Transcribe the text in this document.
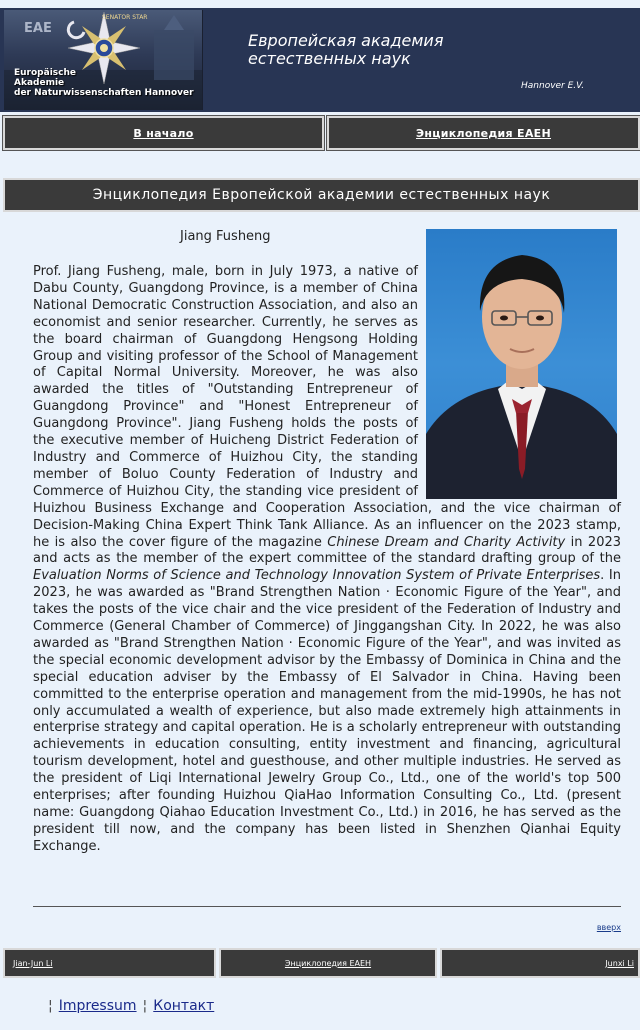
EAE
SENATOR STAR
Europäische
Akademie
der Naturwissenschaften Hannover
Европейская академия
естественных наук
Hannover E.V.
В начало	Энциклопедия EAEH
Энциклопедия Европейской академии естественных наук
Jiang Fusheng

Prof. Jiang Fusheng, male, born in July 1973, a native of Dabu County, Guangdong Province, is a member of China National Democratic Construction Association, and also an economist and senior researcher. Currently, he serves as the board chairman of Guangdong Hengsong Holding Group and visiting professor of the School of Management of Capital Normal University. Moreover, he was also awarded the titles of "Outstanding Entrepreneur of Guangdong Province" and "Honest Entrepreneur of Guangdong Province". Jiang Fusheng holds the posts of the executive member of Huicheng District Federation of Industry and Commerce of Huizhou City, the standing member of Boluo County Federation of Industry and Commerce of Huizhou City, the standing vice president of Huizhou Business Exchange and Cooperation Association, and the vice chairman of Decision-Making China Expert Think Tank Alliance. As an influencer on the 2023 stamp, he is also the cover figure of the magazine Chinese Dream and Charity Activity in 2023 and acts as the member of the expert committee of the standard drafting group of the Evaluation Norms of Science and Technology Innovation System of Private Enterprises. In 2023, he was awarded as "Brand Strengthen Nation · Economic Figure of the Year", and takes the posts of the vice chair and the vice president of the Federation of Industry and Commerce (General Chamber of Commerce) of Jinggangshan City. In 2022, he was also awarded as "Brand Strengthen Nation · Economic Figure of the Year", and was invited as the special economic development advisor by the Embassy of Dominica in China and the special education adviser by the Embassy of El Salvador in China. Having been committed to the enterprise operation and management from the mid-1990s, he has not only accumulated a wealth of experience, but also made extremely high attainments in enterprise strategy and capital operation. He is a scholarly entrepreneur with outstanding achievements in education consulting, entity investment and financing, agricultural tourism development, hotel and guesthouse, and other multiple industries. He served as the president of Liqi International Jewelry Group Co., Ltd., one of the world's top 500 enterprises; after founding Huizhou QiaHao Information Consulting Co., Ltd. (present name: Guangdong Qiahao Education Investment Co., Ltd.) in 2016, he has served as the president till now, and the company has been listed in Shenzhen Qianhai Equity Exchange.

вверх
Jian-Jun Li	Энциклопедия EAEH	Junxi Li
¦ Impressum ¦ Контакт
